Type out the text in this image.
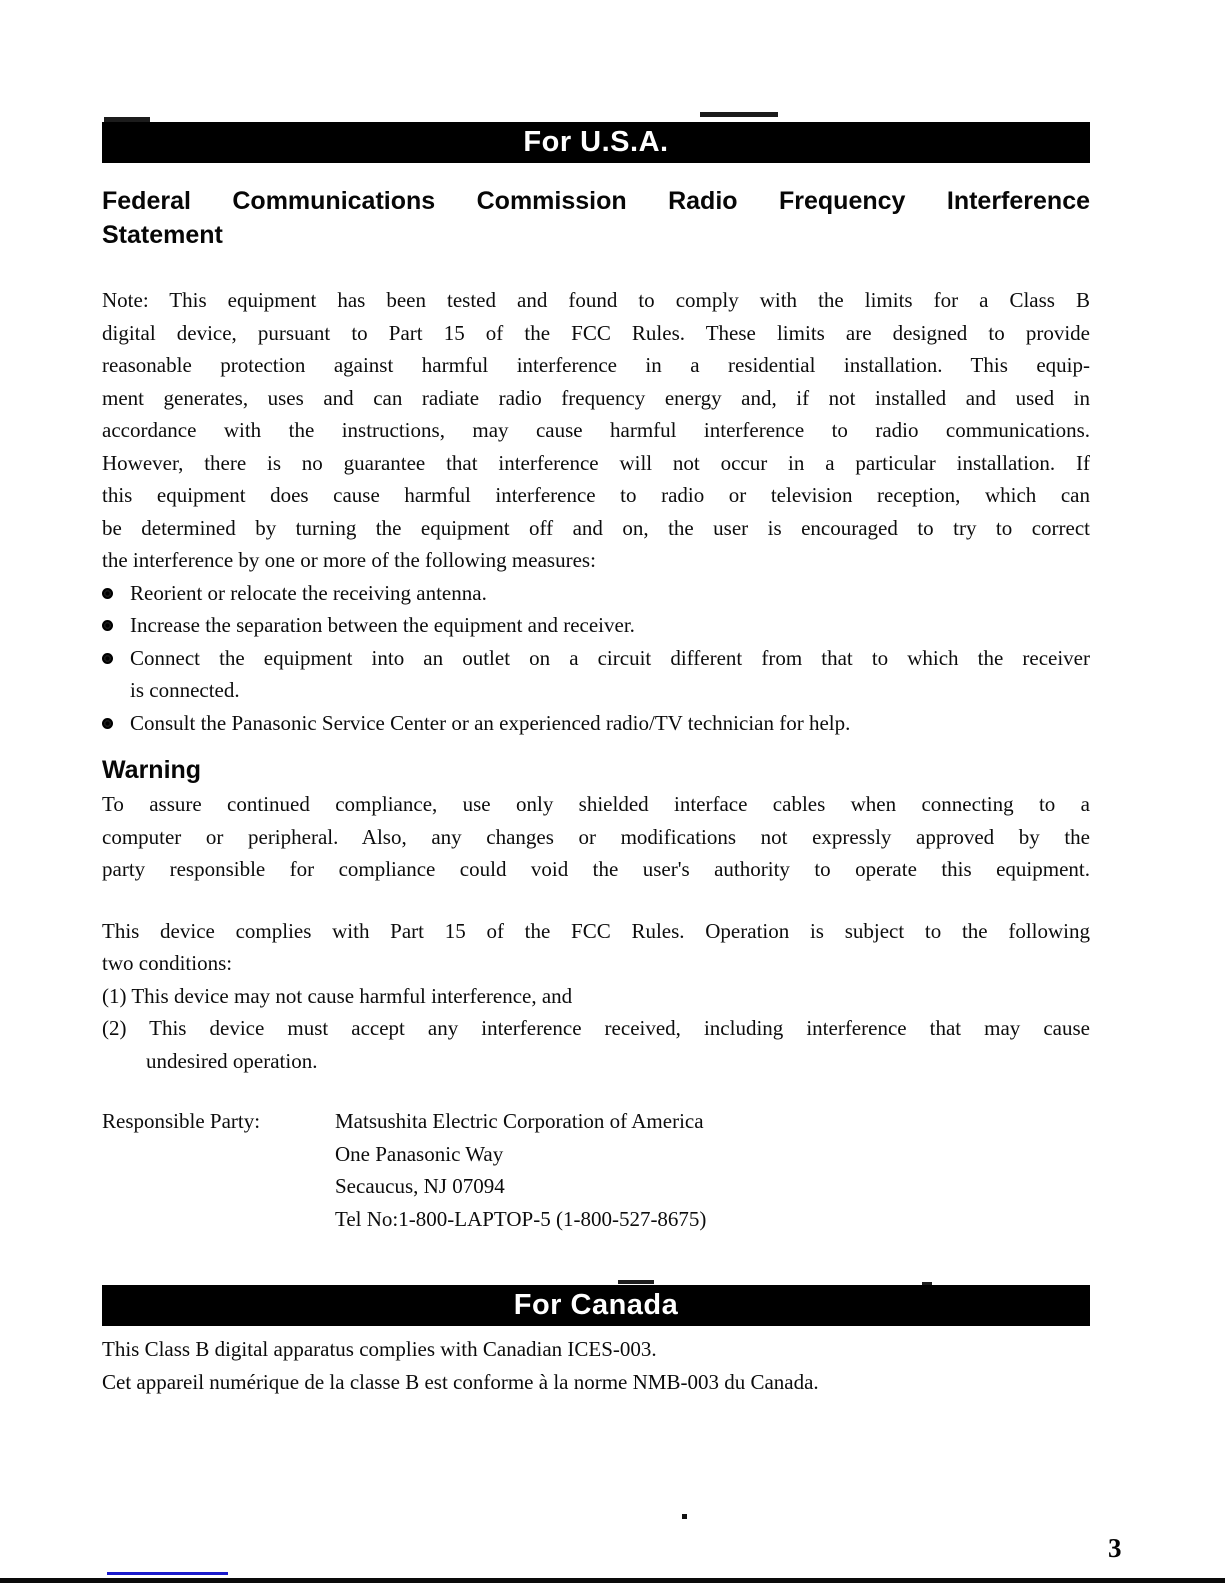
For U.S.A.
Federal Communications Commission Radio Frequency Interference
Statement
Note: This equipment has been tested and found to comply with the limits for a Class B
digital device, pursuant to Part 15 of the FCC Rules. These limits are designed to provide
reasonable protection against harmful interference in a residential installation. This equip-
ment generates, uses and can radiate radio frequency energy and, if not installed and used in
accordance with the instructions, may cause harmful interference to radio communications.
However, there is no guarantee that interference will not occur in a particular installation. If
this equipment does cause harmful interference to radio or television reception, which can
be determined by turning the equipment off and on, the user is encouraged to try to correct
the interference by one or more of the following measures:
Reorient or relocate the receiving antenna.
Increase the separation between the equipment and receiver.
Connect the equipment into an outlet on a circuit different from that to which the receiver
is connected.
Consult the Panasonic Service Center or an experienced radio/TV technician for help.
Warning
To assure continued compliance, use only shielded interface cables when connecting to a
computer or peripheral. Also, any changes or modifications not expressly approved by the
party responsible for compliance could void the user's authority to operate this equipment.
This device complies with Part 15 of the FCC Rules. Operation is subject to the following
two conditions:
(1) This device may not cause harmful interference, and
(2) This device must accept any interference received, including interference that may cause
undesired operation.
Responsible Party:	Matsushita Electric Corporation of America
One Panasonic Way
Secaucus, NJ 07094
Tel No:1-800-LAPTOP-5 (1-800-527-8675)
For Canada
This Class B digital apparatus complies with Canadian ICES-003.
Cet appareil numérique de la classe B est conforme à la norme NMB-003 du Canada.
3
